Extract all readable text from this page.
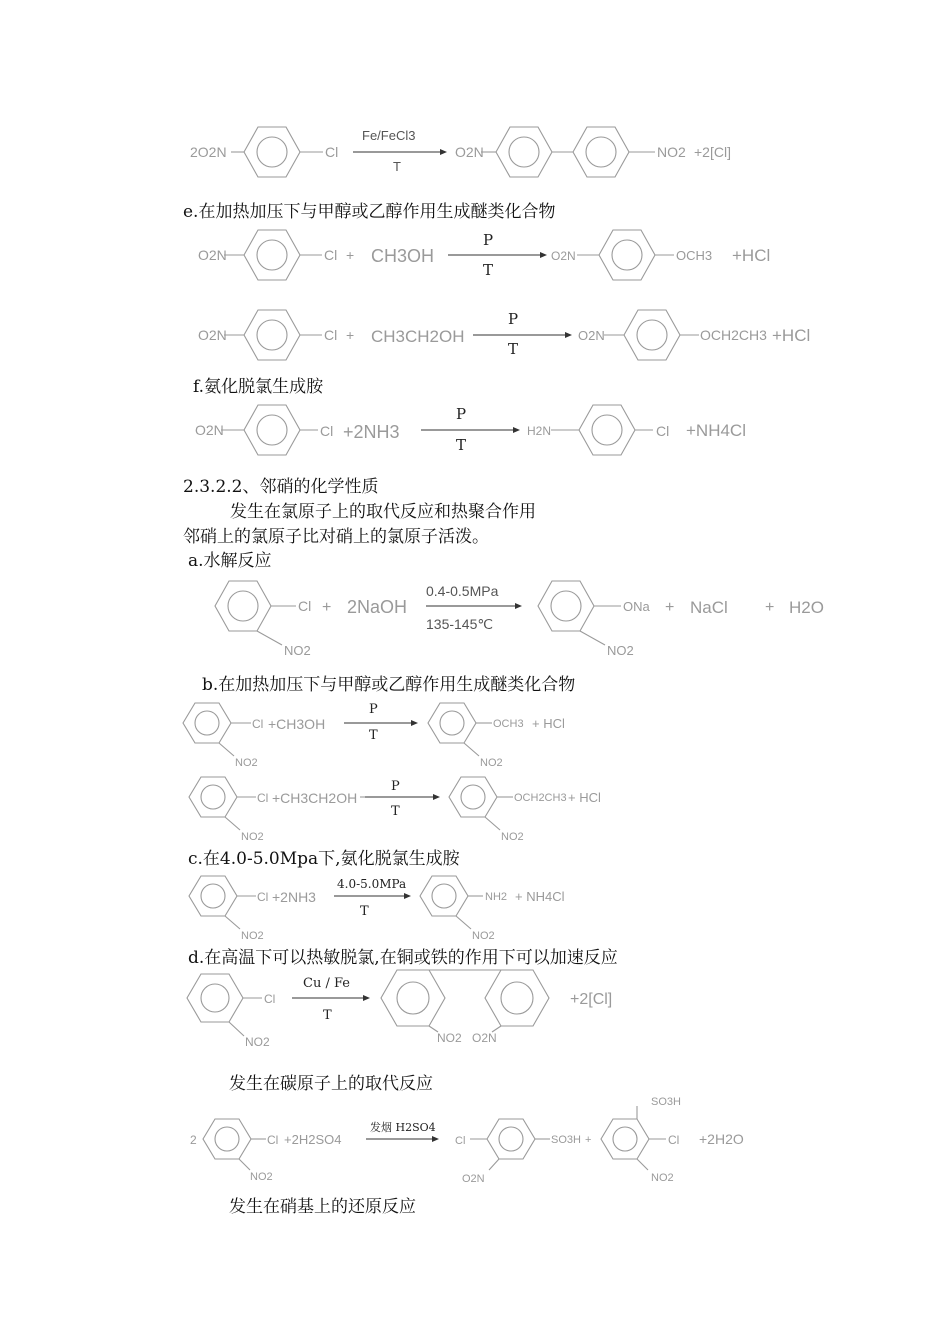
2O2N	Cl
Fe/FeCl3
T
O2N	NO2 +2[Cl]
e.在加热加压下与甲醇或乙醇作用生成醚类化合物
O2N	Cl + CH3OH
P
T
O2N	OCH3 +HCl
O2N	Cl + CH3CH2OH
P
T
O2N	OCH2CH3 +HCl
f.氨化脱氯生成胺
O2N	Cl +2NH3
P
T
H2N	Cl +NH4Cl
2.3.2.2、邻硝的化学性质
发生在氯原子上的取代反应和热聚合作用
邻硝上的氯原子比对硝上的氯原子活泼。
a.水解反应
Cl
NO2
+ 2NaOH
0.4-0.5MPa
135-145℃
ONa
NO2
+ NaCl + H2O
b.在加热加压下与甲醇或乙醇作用生成醚类化合物
Cl
NO2
+CH3OH
P
T
OCH3
NO2
+ HCl
Cl
NO2
+CH3CH2OH
P
T
OCH2CH3
NO2
+ HCl
c.在4.0-5.0Mpa下,氨化脱氯生成胺
Cl
NO2
+2NH3
4.0-5.0MPa
T
NH2
NO2
+ NH4Cl
d.在高温下可以热敏脱氯,在铜或铁的作用下可以加速反应
Cl
NO2
Cu / Fe
T
NO2 O2N
+2[Cl]
发生在碳原子上的取代反应
2	Cl
NO2
+2H2SO4
发烟 H2SO4
Cl	SO3H
O2N
+
SO3H
Cl
NO2
+2H2O
发生在硝基上的还原反应
